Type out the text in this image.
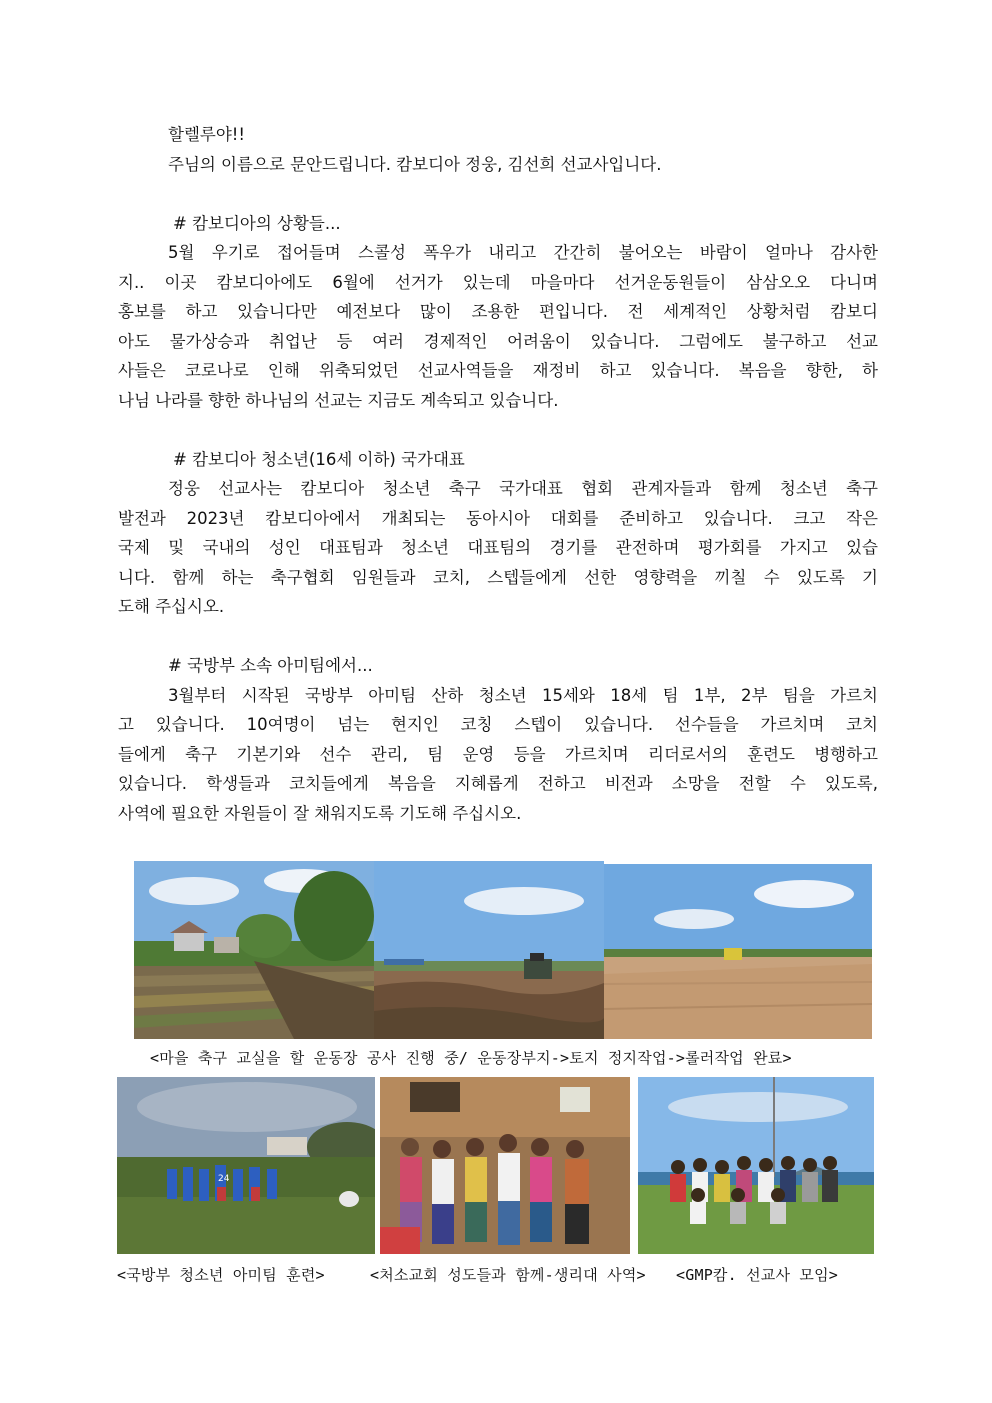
할렐루야!!
주님의 이름으로 문안드립니다. 캄보디아 정웅, 김선희 선교사입니다.
# 캄보디아의 상황들...
5월 우기로 접어들며 스콜성 폭우가 내리고 간간히 불어오는 바람이 얼마나 감사한
지.. 이곳 캄보디아에도 6월에 선거가 있는데 마을마다 선거운동원들이 삼삼오오 다니며
홍보를 하고 있습니다만 예전보다 많이 조용한 편입니다. 전 세계적인 상황처럼 캄보디
아도 물가상승과 취업난 등 여러 경제적인 어려움이 있습니다. 그럼에도 불구하고 선교
사들은 코로나로 인해 위축되었던 선교사역들을 재정비 하고 있습니다. 복음을 향한, 하
나님 나라를 향한 하나님의 선교는 지금도 계속되고 있습니다.
# 캄보디아 청소년(16세 이하) 국가대표
정웅 선교사는 캄보디아 청소년 축구 국가대표 협회 관계자들과 함께 청소년 축구
발전과 2023년 캄보디아에서 개최되는 동아시아 대회를 준비하고 있습니다. 크고 작은
국제 및 국내의 성인 대표팀과 청소년 대표팀의 경기를 관전하며 평가회를 가지고 있습
니다. 함께 하는 축구협회 임원들과 코치, 스텝들에게 선한 영향력을 끼칠 수 있도록 기
도해 주십시오.
# 국방부 소속 아미팀에서...
3월부터 시작된 국방부 아미팀 산하 청소년 15세와 18세 팀 1부, 2부 팀을 가르치
고 있습니다. 10여명이 넘는 현지인 코칭 스텝이 있습니다. 선수들을 가르치며 코치
들에게 축구 기본기와 선수 관리, 팀 운영 등을 가르치며 리더로서의 훈련도 병행하고
있습니다. 학생들과 코치들에게 복음을 지혜롭게 전하고 비전과 소망을 전할 수 있도록,
사역에 필요한 자원들이 잘 채워지도록 기도해 주십시오.
<마을 축구 교실을 할 운동장 공사 진행 중/ 운동장부지->토지 정지작업->롤러작업 완료>
24
<국방부 청소년 아미팀 훈련>	<처소교회 성도들과 함께-생리대 사역> <GMP캄. 선교사 모임>
